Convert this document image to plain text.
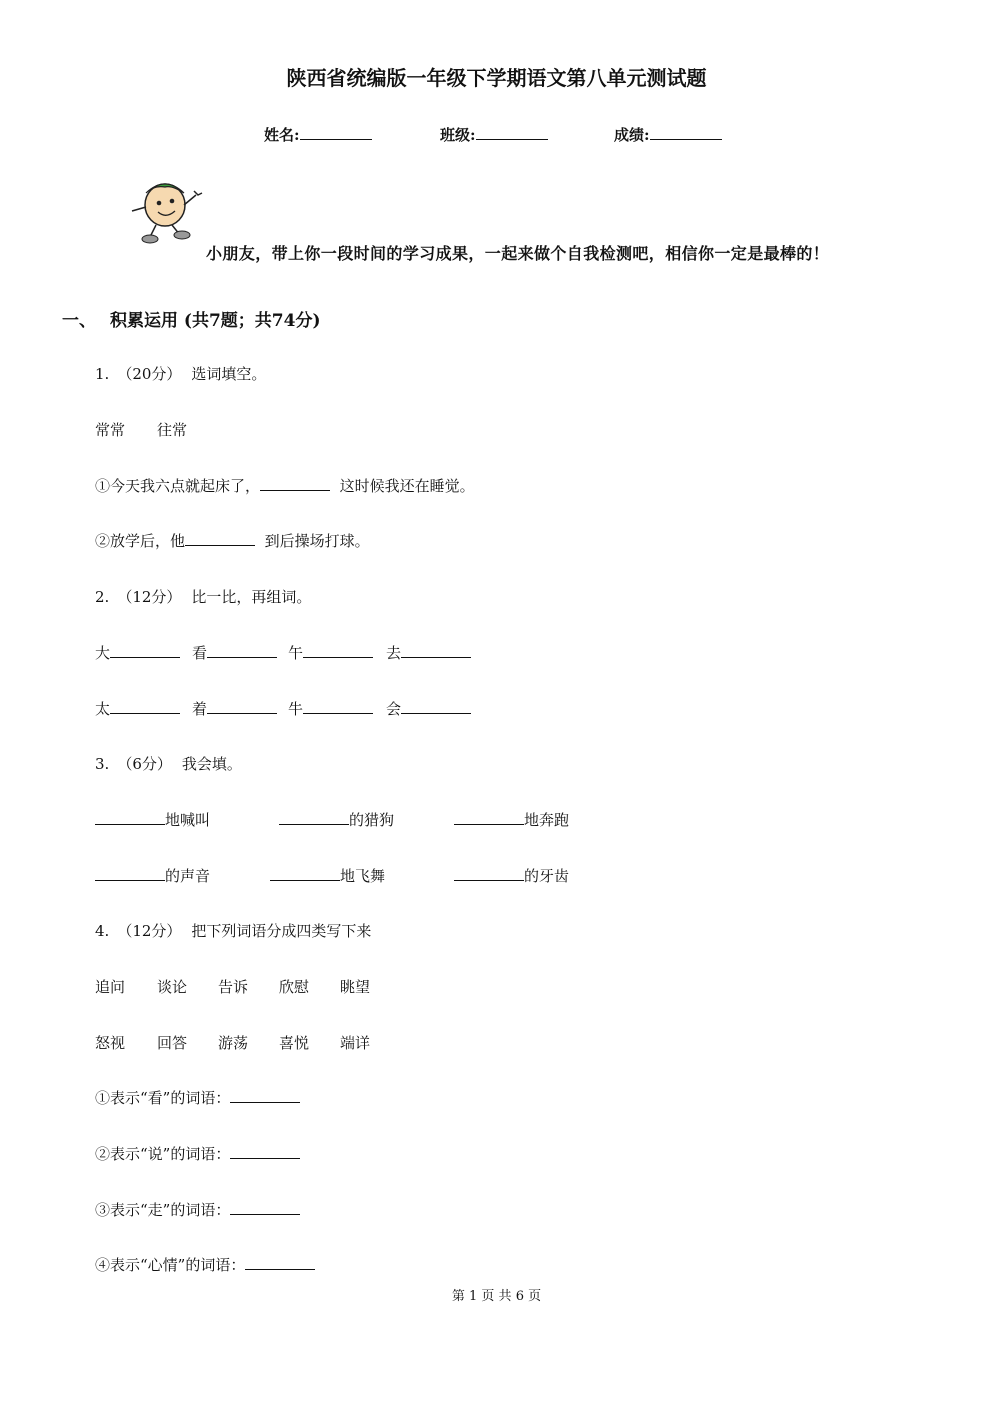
陕西省统编版一年级下学期语文第八单元测试题
姓名:	班级:	成绩:
小朋友，带上你一段时间的学习成果，一起来做个自我检测吧，相信你一定是最棒的！
一、 积累运用 (共7题；共74分)
1. （20分） 选词填空。
常常 往常
①今天我六点就起床了，	这时候我还在睡觉。
②放学后，他	到后操场打球。
2. （12分） 比一比，再组词。
大	看	午	去
太	着	牛	会
3. （6分） 我会填。
地喊叫	的猎狗	地奔跑
的声音	地飞舞	的牙齿
4. （12分） 把下列词语分成四类写下来
追问 谈论 告诉 欣慰 眺望
怒视 回答 游荡 喜悦 端详
①表示“看”的词语：
②表示“说”的词语：
③表示“走”的词语：
④表示“心情”的词语：
第 1 页 共 6 页
